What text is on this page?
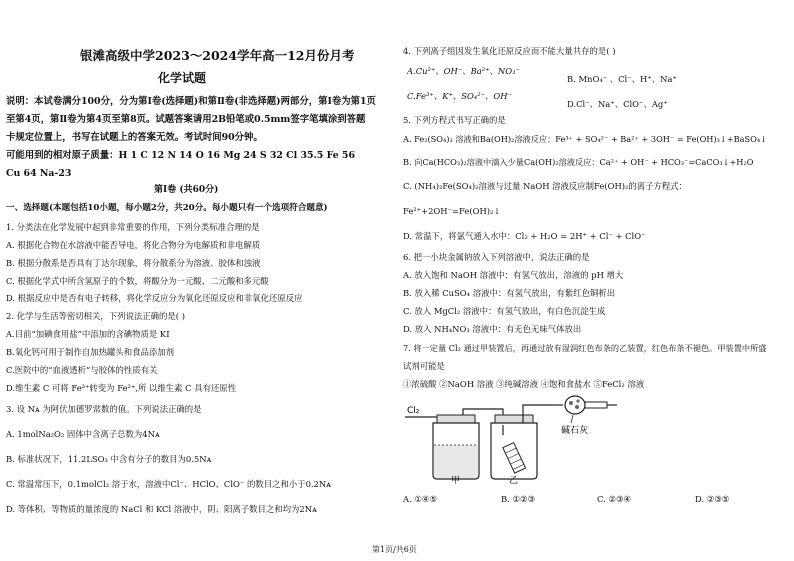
银滩高级中学2023～2024学年高一12月份月考
化学试题
说明：本试卷满分100分，分为第Ⅰ卷(选择题)和第Ⅱ卷(非选择题)两部分，第Ⅰ卷为第1页
至第4页，第Ⅱ卷为第4页至第8页。试题答案请用2B铅笔或0.5mm签字笔填涂到答题
卡规定位置上，书写在试题上的答案无效。考试时间90分钟。
可能用到的相对原子质量：H 1 C 12 N 14 O 16 Mg 24 S 32 Cl 35.5 Fe 56
Cu 64 Na-23
第Ⅰ卷 (共60分)
一、选择题(本题包括10小题，每小题2分，共20分。每小题只有一个选项符合题意)
1. 分类法在化学发展中起到非常重要的作用，下列分类标准合理的是
A. 根据化合物在水溶液中能否导电，将化合物分为电解质和非电解质
B. 根据分散系是否具有丁达尔现象，将分散系分为溶液、胶体和浊液
C. 根据化学式中所含氢原子的个数，将酸分为一元酸、二元酸和多元酸
D. 根据反应中是否有电子转移，将化学反应分为氧化还原反应和非氧化还原反应
2. 化学与生活等密切相关，下列说法正确的是( )
A.目前“加碘食用盐”中添加的含碘物质是 KI
B.氧化钙可用于制作自加热罐头和食品添加剂
C.医院中的“血液透析”与胶体的性质有关
D.维生素 C 可将 Fe³⁺转变为 Fe²⁺,所 以维生素 C 具有还原性
3. 设 Nᴀ 为阿伏加德罗常数的值。下列说法正确的是
A. 1molNa₂O₂ 固体中含离子总数为4Nᴀ
B. 标准状况下，11.2LSO₃ 中含有分子的数目为0.5Nᴀ
C. 常温常压下，0.1molCl₂ 溶于水，溶液中Cl⁻、HClO、ClO⁻ 的数目之和小于0.2Nᴀ
D. 等体积、等物质的量浓度的 NaCl 和 KCl 溶液中，阴、阳离子数目之和均为2Nᴀ
4. 下列离子组因发生氧化还原反应而不能大量共存的是( )
A.Cu²⁺、OH⁻、Ba²⁺、NO₃⁻
B. MnO₄⁻ 、Cl⁻、H⁺、Na⁺
C.Fe³⁺、K⁺、SO₄²⁻、OH⁻
D.Cl⁻、Na⁺、ClO⁻、Ag⁺
5. 下列方程式书写正确的是
A. Fe₂(SO₄)₃ 溶液和Ba(OH)₂溶液反应：Fe³⁺ + SO₄²⁻ + Ba²⁺ + 3OH⁻ = Fe(OH)₃↓+BaSO₄↓
B. 向Ca(HCO₃)₂溶液中滴入少量Ca(OH)₂溶液反应：Ca²⁺ + OH⁻ + HCO₃⁻=CaCO₃↓+H₂O
C. (NH₄)₂Fe(SO₄)₂溶液与过量 NaOH 溶液反应制Fe(OH)₂的离子方程式：
Fe²⁺+2OH⁻=Fe(OH)₂↓
D. 常温下，将氯气通入水中：Cl₂ + H₂O = 2H⁺ + Cl⁻ + ClO⁻
6. 把一小块金属钠放入下列溶液中，说法正确的是
A. 放入饱和 NaOH 溶液中：有氢气放出，溶液的 pH 增大
B. 放入稀 CuSO₄ 溶液中：有氢气放出，有紫红色铜析出
C. 放入 MgCl₂ 溶液中：有氢气放出，有白色沉淀生成
D. 放入 NH₄NO₃ 溶液中：有无色无味气体放出
7. 将一定量 Cl₂ 通过甲装置后，再通过放有湿润红色布条的乙装置，红色布条不褪色。甲装置中所盛
试剂可能是
①浓硫酸 ②NaOH 溶液 ③纯碱溶液 ④饱和食盐水 ⑤FeCl₂ 溶液
Cl₂
碱石灰
甲	乙
A. ①④⑤	B. ①②③	C. ②③④	D. ②③⑤
第1页/共6页
